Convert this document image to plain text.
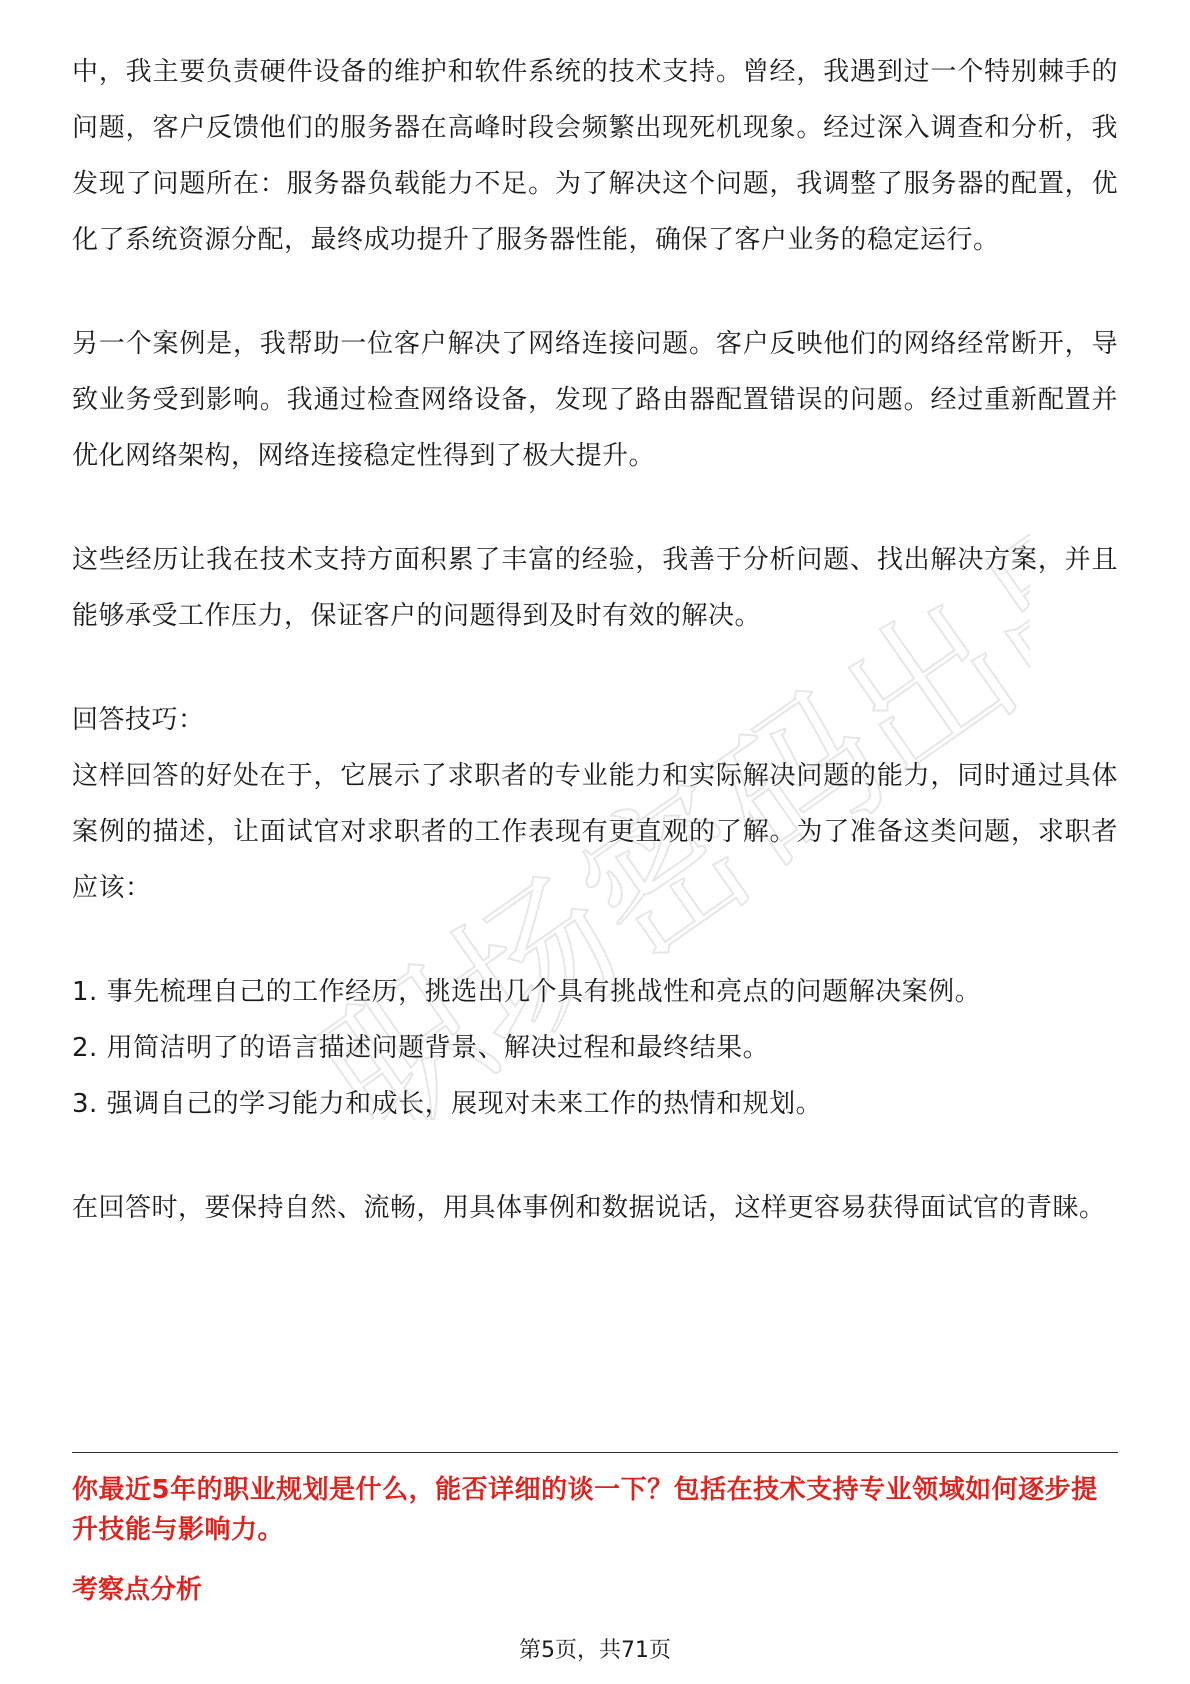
职场密码出品

中，我主要负责硬件设备的维护和软件系统的技术支持。曾经，我遇到过一个特别棘手的问题，客户反馈他们的服务器在高峰时段会频繁出现死机现象。经过深入调查和分析，我发现了问题所在：服务器负载能力不足。为了解决这个问题，我调整了服务器的配置，优化了系统资源分配，最终成功提升了服务器性能，确保了客户业务的稳定运行。

另一个案例是，我帮助一位客户解决了网络连接问题。客户反映他们的网络经常断开，导致业务受到影响。我通过检查网络设备，发现了路由器配置错误的问题。经过重新配置并优化网络架构，网络连接稳定性得到了极大提升。

这些经历让我在技术支持方面积累了丰富的经验，我善于分析问题、找出解决方案，并且能够承受工作压力，保证客户的问题得到及时有效的解决。

回答技巧：

这样回答的好处在于，它展示了求职者的专业能力和实际解决问题的能力，同时通过具体案例的描述，让面试官对求职者的工作表现有更直观的了解。为了准备这类问题，求职者应该：

1. 事先梳理自己的工作经历，挑选出几个具有挑战性和亮点的问题解决案例。

2. 用简洁明了的语言描述问题背景、解决过程和最终结果。

3. 强调自己的学习能力和成长，展现对未来工作的热情和规划。

在回答时，要保持自然、流畅，用具体事例和数据说话，这样更容易获得面试官的青睐。

你最近5年的职业规划是什么，能否详细的谈一下？包括在技术支持专业领域如何逐步提升技能与影响力。

考察点分析

第5页，共71页
